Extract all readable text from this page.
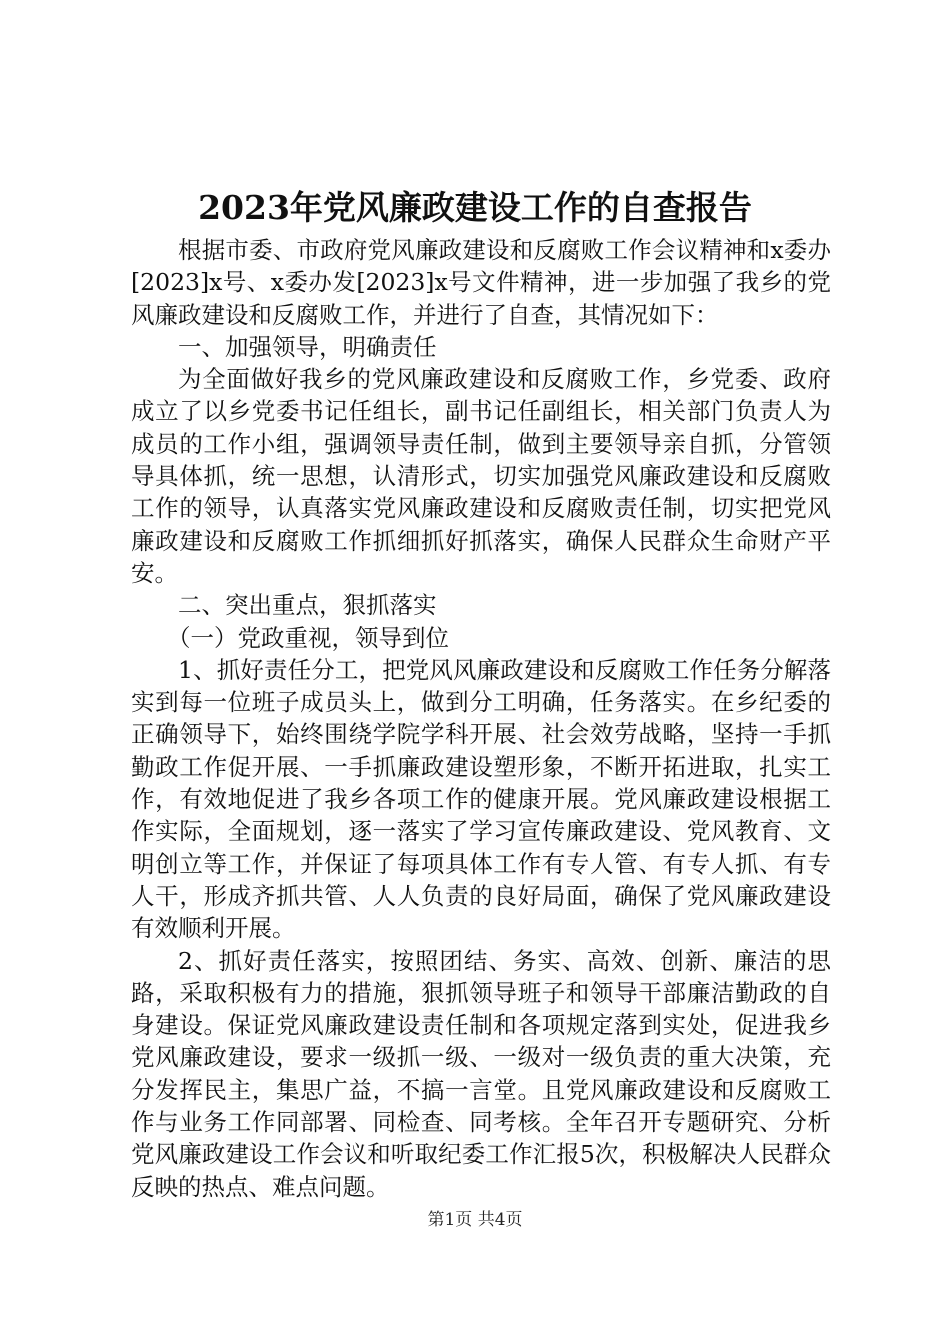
2023年党风廉政建设工作的自查报告

根据市委、市政府党风廉政建设和反腐败工作会议精神和x委办[2023]x号、x委办发[2023]x号文件精神，进一步加强了我乡的党风廉政建设和反腐败工作，并进行了自查，其情况如下：

一、加强领导，明确责任

为全面做好我乡的党风廉政建设和反腐败工作，乡党委、政府成立了以乡党委书记任组长，副书记任副组长，相关部门负责人为成员的工作小组，强调领导责任制，做到主要领导亲自抓，分管领导具体抓，统一思想，认清形式，切实加强党风廉政建设和反腐败工作的领导，认真落实党风廉政建设和反腐败责任制，切实把党风廉政建设和反腐败工作抓细抓好抓落实，确保人民群众生命财产平安。

二、突出重点，狠抓落实

（一）党政重视，领导到位

1、抓好责任分工，把党风风廉政建设和反腐败工作任务分解落实到每一位班子成员头上，做到分工明确，任务落实。在乡纪委的正确领导下，始终围绕学院学科开展、社会效劳战略，坚持一手抓勤政工作促开展、一手抓廉政建设塑形象，不断开拓进取，扎实工作，有效地促进了我乡各项工作的健康开展。党风廉政建设根据工作实际，全面规划，逐一落实了学习宣传廉政建设、党风教育、文明创立等工作，并保证了每项具体工作有专人管、有专人抓、有专人干，形成齐抓共管、人人负责的良好局面，确保了党风廉政建设有效顺利开展。

2、抓好责任落实，按照团结、务实、高效、创新、廉洁的思路，采取积极有力的措施，狠抓领导班子和领导干部廉洁勤政的自身建设。保证党风廉政建设责任制和各项规定落到实处，促进我乡党风廉政建设，要求一级抓一级、一级对一级负责的重大决策，充分发挥民主，集思广益，不搞一言堂。且党风廉政建设和反腐败工作与业务工作同部署、同检查、同考核。全年召开专题研究、分析党风廉政建设工作会议和听取纪委工作汇报5次，积极解决人民群众反映的热点、难点问题。

第1页 共4页
